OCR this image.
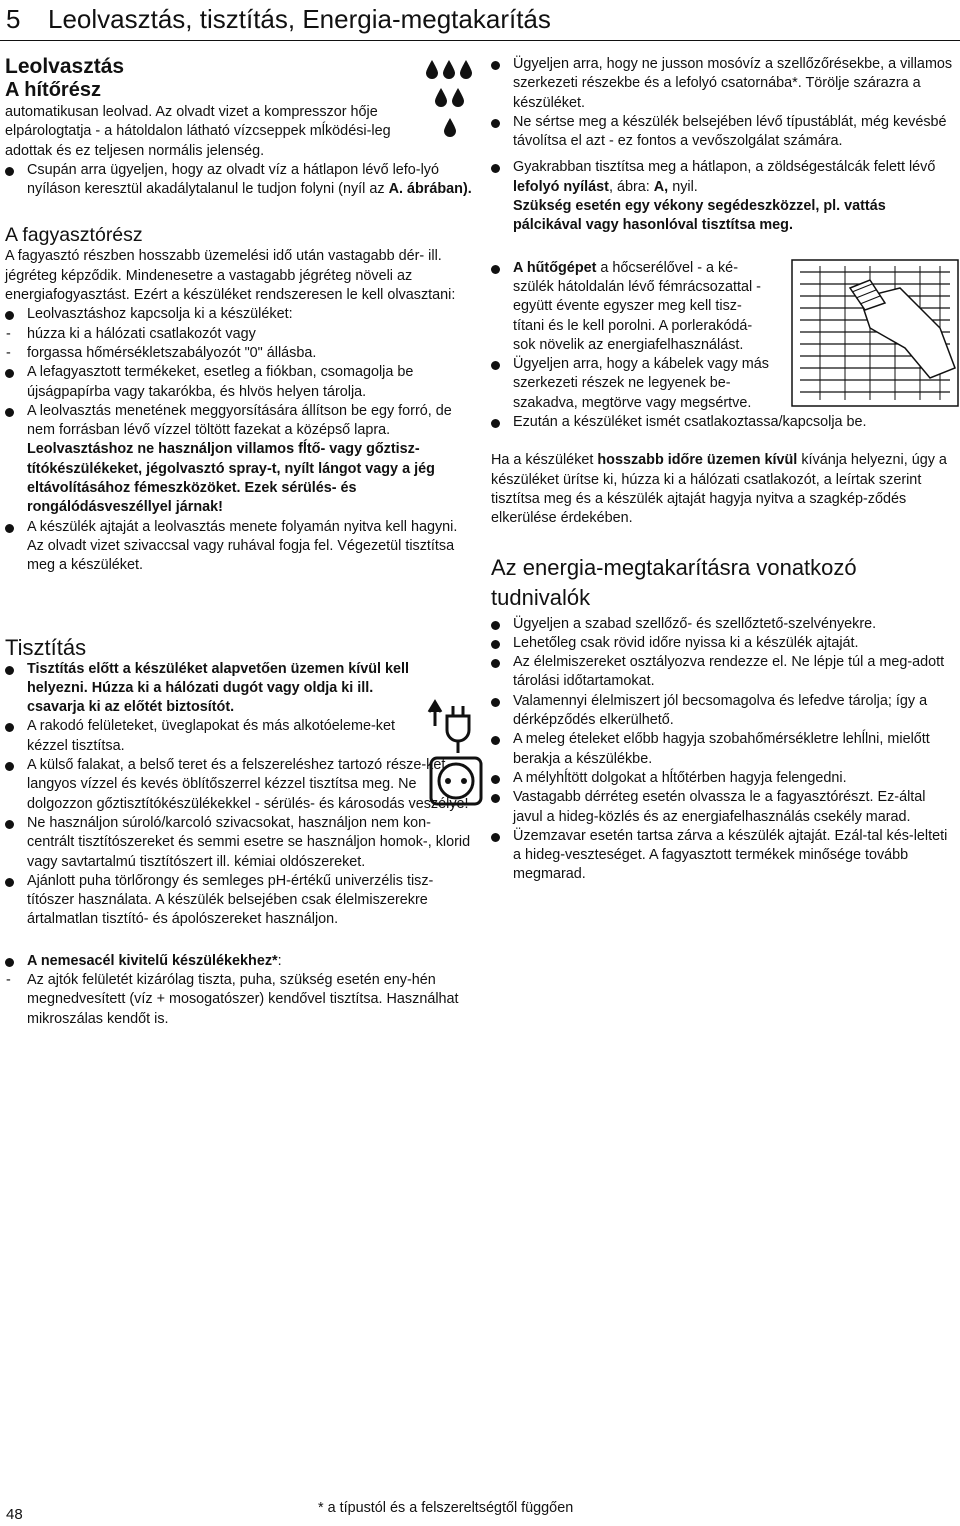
5 Leolvasztás, tisztítás, Energia-megtakarítás

Leolvasztás

A hítőrész

automatikusan leolvad. Az olvadt vizet a kompresszor hője elpárologtatja - a hátoldalon látható vízcseppek mĺködési-leg adottak és ez teljesen normális jelenség.

Csupán arra ügyeljen, hogy az olvadt víz a hátlapon lévő lefo-lyó nyíláson keresztül akadálytalanul le tudjon folyni (nyíl az A. ábrában).

A fagyasztórész

A fagyasztó részben hosszabb üzemelési idő után vastagabb dér- ill. jégréteg képződik. Mindenesetre a vastagabb jégréteg növeli az energiafogyasztást. Ezért a készüléket rendszeresen le kell olvasztani:

Leolvasztáshoz kapcsolja ki a készüléket:

- húzza ki a hálózati csatlakozót vagy

- forgassa hőmérsékletszabályozót "0" állásba.

A lefagyasztott termékeket, esetleg a fiókban, csomagolja be újságpapírba vagy takarókba, és hlvös helyen tárolja.

A leolvasztás menetének meggyorsítására állítson be egy forró, de nem forrásban lévő vízzel töltött fazekat a középső lapra.

Leolvasztáshoz ne használjon villamos fĺtő- vagy gőztisz-títókészülékeket, jégolvasztó spray-t, nyílt lángot vagy a jég eltávolításához fémeszközöket. Ezek sérülés- és rongálódásveszéllyel járnak!

A készülék ajtaját a leolvasztás menete folyamán nyitva kell hagyni.

Az olvadt vizet szivaccsal vagy ruhával fogja fel. Végezetül tisztítsa meg a készüléket.

Tisztítás

Tisztítás előtt a készüléket alapvetően üzemen kívül kell helyezni. Húzza ki a hálózati dugót vagy oldja ki ill. csavarja ki az előtét biztosítót.

A rakodó felületeket, üveglapokat és más alkotóeleme-ket kézzel tisztítsa.

A külső falakat, a belső teret és a felszereléshez tartozó része-ket langyos vízzel és kevés öblítőszerrel kézzel tisztítsa meg. Ne dolgozzon gőztisztítókészülékekkel - sérülés- és károsodás veszélye!

Ne használjon súroló/karcoló szivacsokat, használjon nem kon-centrált tisztítószereket és semmi esetre se használjon homok-, klorid vagy savtartalmú tisztítószert ill. kémiai oldószereket.

Ajánlott puha törlőrongy és semleges pH-értékű univerzélis tisz-títószer használata. A készülék belsejében csak élelmiszerekre ártalmatlan tisztító- és ápolószereket használjon.

A nemesacél kivitelű készülékekhez*:

- Az ajtók felületét kizárólag tiszta, puha, szükség esetén eny-hén megnedvesített (víz + mosogatószer) kendővel tisztítsa. Használhat mikroszálas kendőt is.

Ügyeljen arra, hogy ne jusson mosóvíz a szellőzőrésekbe, a villamos szerkezeti részekbe és a lefolyó csatornába*. Törölje szárazra a készüléket.

Ne sértse meg a készülék belsejében lévő típustáblát, még kevésbé távolítsa el azt - ez fontos a vevőszolgálat számára.

Gyakrabban tisztítsa meg a hátlapon, a zöldségestálcák felett lévő lefolyó nyílást, ábra: A, nyil.

Szükség esetén egy vékony segédeszközzel, pl. vattás pálcikával vagy hasonlóval tisztítsa meg.

A hűtőgépet a hőcserélővel - a ké-szülék hátoldalán lévő fémrácsozattal - együtt évente egyszer meg kell tisz-títani és le kell porolni. A porlerakódá-sok növelik az energiafelhasználást.

Ügyeljen arra, hogy a kábelek vagy más szerkezeti részek ne legyenek be-szakadva, megtörve vagy megsértve.

Ezután a készüléket ismét csatlakoztassa/kapcsolja be.

Ha a készüléket hosszabb időre üzemen kívül kívánja helyezni, úgy a készüléket ürítse ki, húzza ki a hálózati csatlakozót, a leírtak szerint tisztítsa meg és a készülék ajtaját hagyja nyitva a szagkép-ződés elkerülése érdekében.

Az energia-megtakarításra vonatkozó tudnivalók

Ügyeljen a szabad szellőző- és szellőztető-szelvényekre.

Lehetőleg csak rövid időre nyissa ki a készülék ajtaját.

Az élelmiszereket osztályozva rendezze el. Ne lépje túl a meg-adott tárolási időtartamokat.

Valamennyi élelmiszert jól becsomagolva és lefedve tárolja; így a dérképződés elkerülhető.

A meleg ételeket előbb hagyja szobahőmérsékletre lehĺlni, mielőtt berakja a készülékbe.

A mélyhĺtött dolgokat a hĺtőtérben hagyja felengedni.

Vastagabb dérréteg esetén olvassza le a fagyasztórészt. Ez-által javul a hideg-közlés és az energiafelhasználás csekély marad.

Üzemzavar esetén tartsa zárva a készülék ajtaját. Ezál-tal kés-lelteti a hideg-veszteséget. A fagyasztott termékek minősége tovább megmarad.

48	* a típustól és a felszereltségtől függően
